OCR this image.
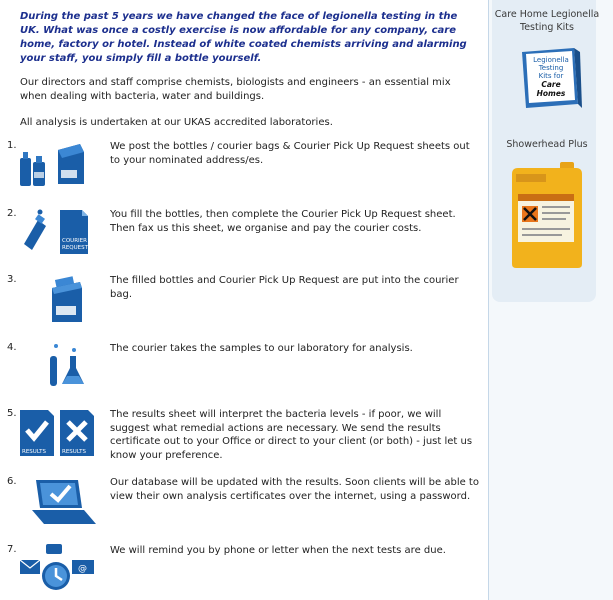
During the past 5 years we have changed the face of legionella testing in the UK. What was once a costly exercise is now affordable for any company, care home, factory or hotel. Instead of white coated chemists arriving and alarming your staff, you simply fill a bottle yourself.

Our directors and staff comprise chemists, biologists and engineers - an essential mix when dealing with bacteria, water and buildings.

All analysis is undertaken at our UKAS accredited laboratories.

1.	We post the bottles / courier bags & Courier Pick Up Request sheets out to your nominated address/es.

2.
COURIER
REQUEST

You fill the bottles, then complete the Courier Pick Up Request sheet. Then fax us this sheet, we organise and pay the courier costs.

3.	The filled bottles and Courier Pick Up Request are put into the courier bag.

4.	The courier takes the samples to our laboratory for analysis.

5.
RESULTS	RESULTS

The results sheet will interpret the bacteria levels - if poor, we will suggest what remedial actions are necessary. We send the results certificate out to your Office or direct to your client (or both) - just let us know your preference.

6.	Our database will be updated with the results. Soon clients will be able to view their own analysis certificates over the internet, using a password.

7.
@

We will remind you by phone or letter when the next tests are due.

Care Home Legionella Testing Kits
Legionella
Testing
Kits for
Care
Homes
Showerhead Plus
